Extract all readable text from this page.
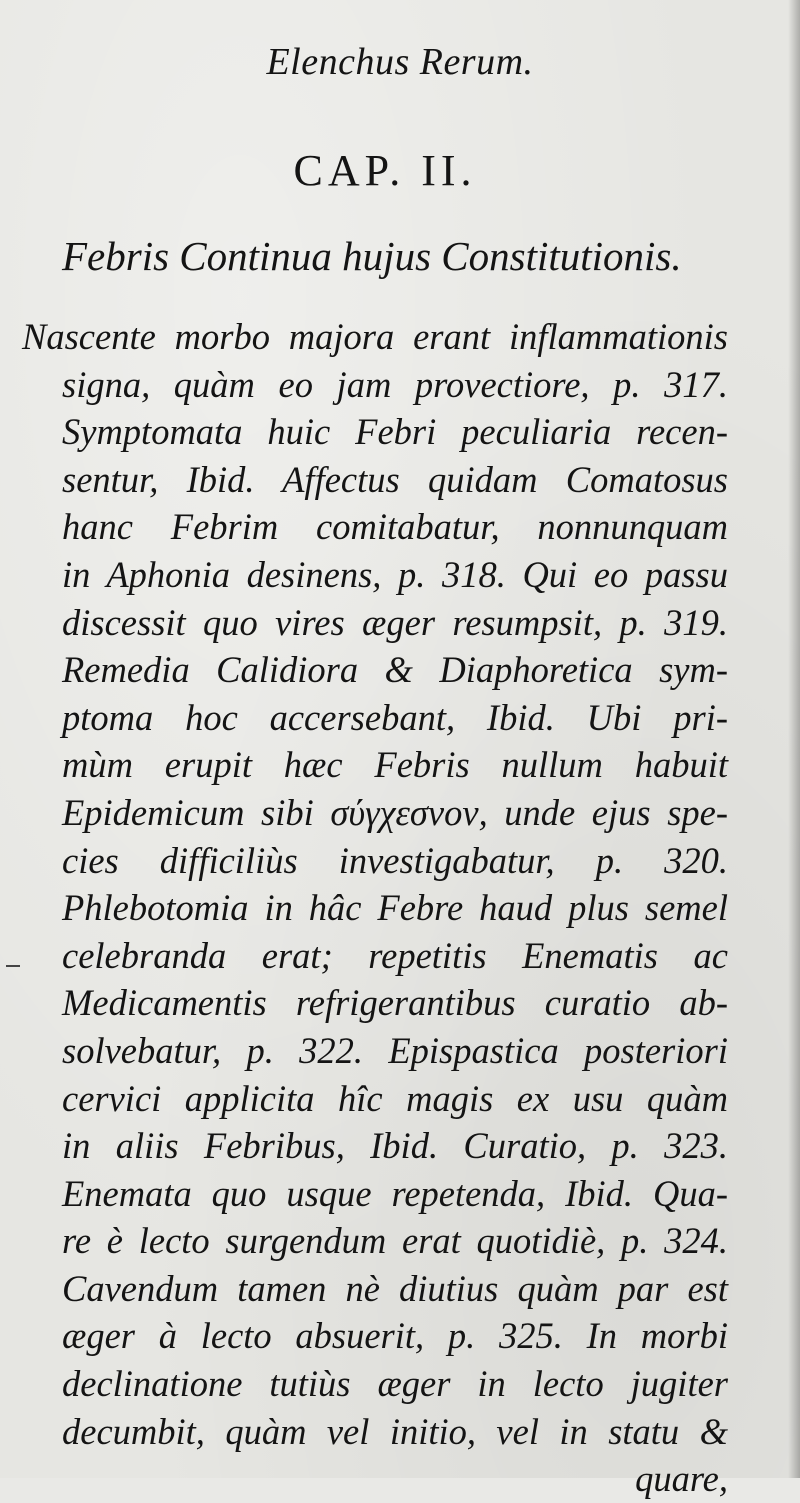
Elenchus Rerum.
CAP. II.
Febris Continua hujus Constitutionis.
Nascente morbo majora erant inflammationis
signa, quàm eo jam provectiore, p. 317.
Symptomata huic Febri peculiaria recen-
sentur, Ibid. Affectus quidam Comatosus
hanc Febrim comitabatur, nonnunquam
in Aphonia desinens, p. 318. Qui eo passu
discessit quo vires æger resumpsit, p. 319.
Remedia Calidiora & Diaphoretica sym-
ptoma hoc accersebant, Ibid. Ubi pri-
mùm erupit hæc Febris nullum habuit
Epidemicum sibi σύγχεσνον, unde ejus spe-
cies difficiliùs investigabatur, p. 320.
Phlebotomia in hâc Febre haud plus semel
celebranda erat; repetitis Enematis ac
Medicamentis refrigerantibus curatio ab-
solvebatur, p. 322. Epispastica posteriori
cervici applicita hîc magis ex usu quàm
in aliis Febribus, Ibid. Curatio, p. 323.
Enemata quo usque repetenda, Ibid. Qua-
re è lecto surgendum erat quotidiè, p. 324.
Cavendum tamen nè diutius quàm par est
æger à lecto absuerit, p. 325. In morbi
declinatione tutiùs æger in lecto jugiter
decumbit, quàm vel initio, vel in statu &
quare,
